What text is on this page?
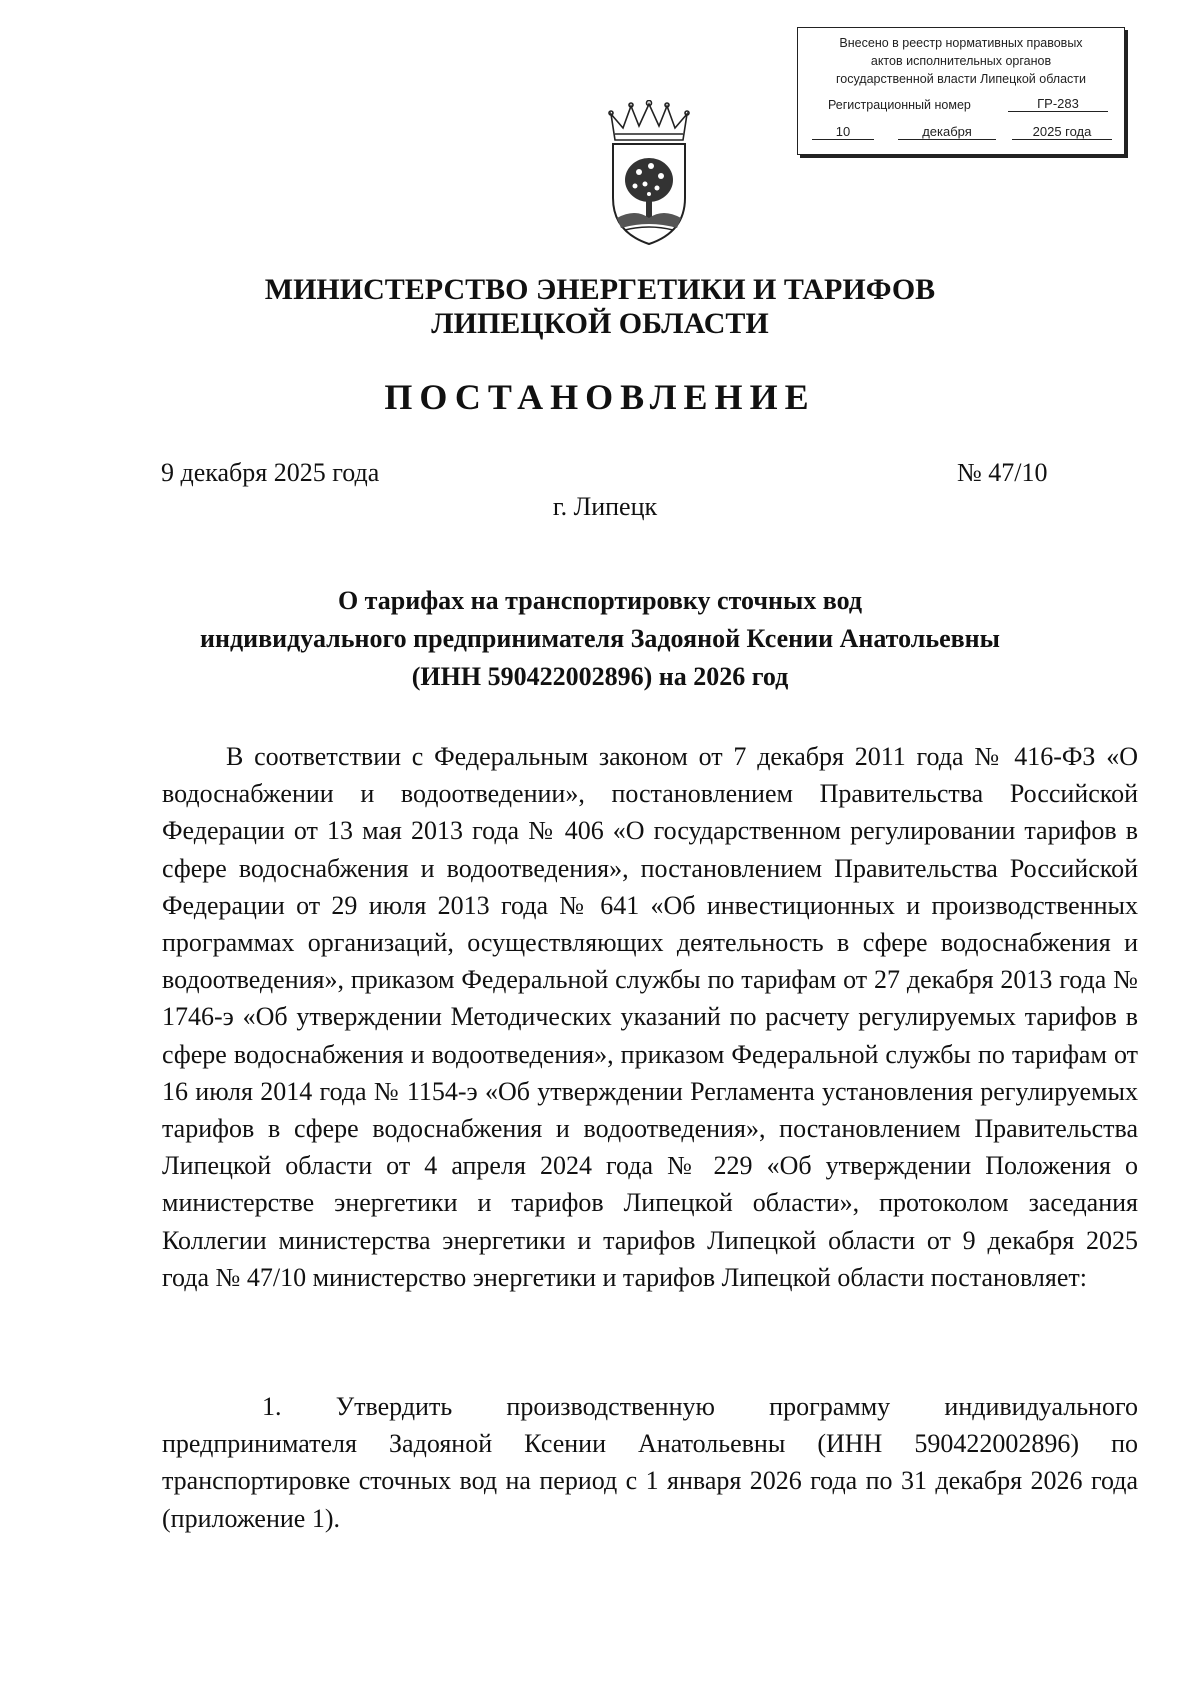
Внесено в реестр нормативных правовых
актов исполнительных органов
государственной власти Липецкой области
Регистрационный номер	ГР-283
10	декабря	2025 года
МИНИСТЕРСТВО ЭНЕРГЕТИКИ И ТАРИФОВ
ЛИПЕЦКОЙ ОБЛАСТИ
ПОСТАНОВЛЕНИЕ
9 декабря 2025 года	№ 47/10
г. Липецк
О тарифах на транспортировку сточных вод
индивидуального предпринимателя Задояной Ксении Анатольевны
(ИНН 590422002896) на 2026 год

В соответствии с Федеральным законом от 7 декабря 2011 года № 416-ФЗ «О водоснабжении и водоотведении», постановлением Правительства Российской Федерации от 13 мая 2013 года № 406 «О государственном регулировании тарифов в сфере водоснабжения и водоотведения», постановлением Правительства Российской Федерации от 29 июля 2013 года № 641 «Об инвестиционных и производственных программах организаций, осуществляющих деятельность в сфере водоснабжения и водоотведения», приказом Федеральной службы по тарифам от 27 декабря 2013 года № 1746-э «Об утверждении Методических указаний по расчету регулируемых тарифов в сфере водоснабжения и водоотведения», приказом Федеральной службы по тарифам от 16 июля 2014 года № 1154-э «Об утверждении Регламента установления регулируемых тарифов в сфере водоснабжения и водоотведения», постановлением Правительства Липецкой области от 4 апреля 2024 года № 229 «Об утверждении Положения о министерстве энергетики и тарифов Липецкой области», протоколом заседания Коллегии министерства энергетики и тарифов Липецкой области от 9 декабря 2025 года № 47/10 министерство энергетики и тарифов Липецкой области постановляет:

1. Утвердить производственную программу индивидуального предпринимателя Задояной Ксении Анатольевны (ИНН 590422002896) по транспортировке сточных вод на период с 1 января 2026 года по 31 декабря 2026 года (приложение 1).
